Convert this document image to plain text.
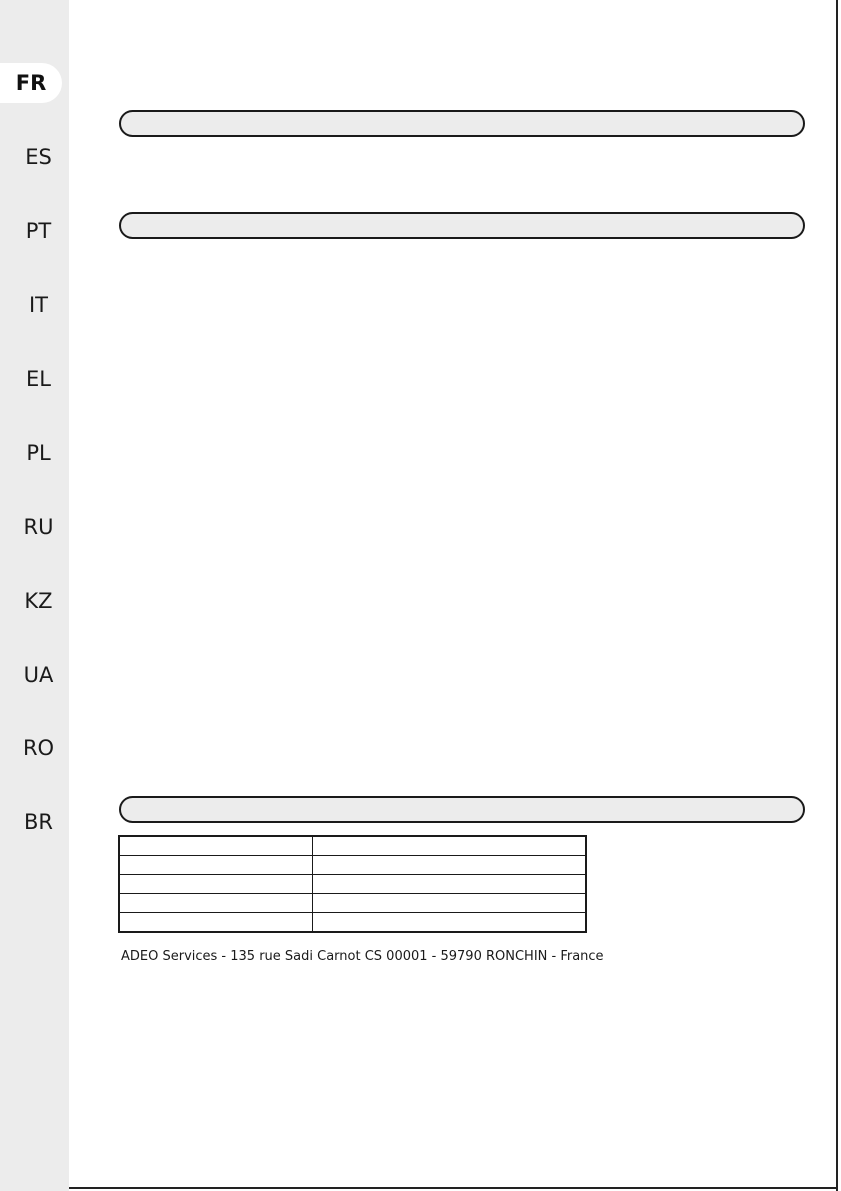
FR
ES
PT
IT
EL
PL
RU
KZ
UA
RO
BR

ADEO Services - 135 rue Sadi Carnot CS 00001 - 59790 RONCHIN - France
